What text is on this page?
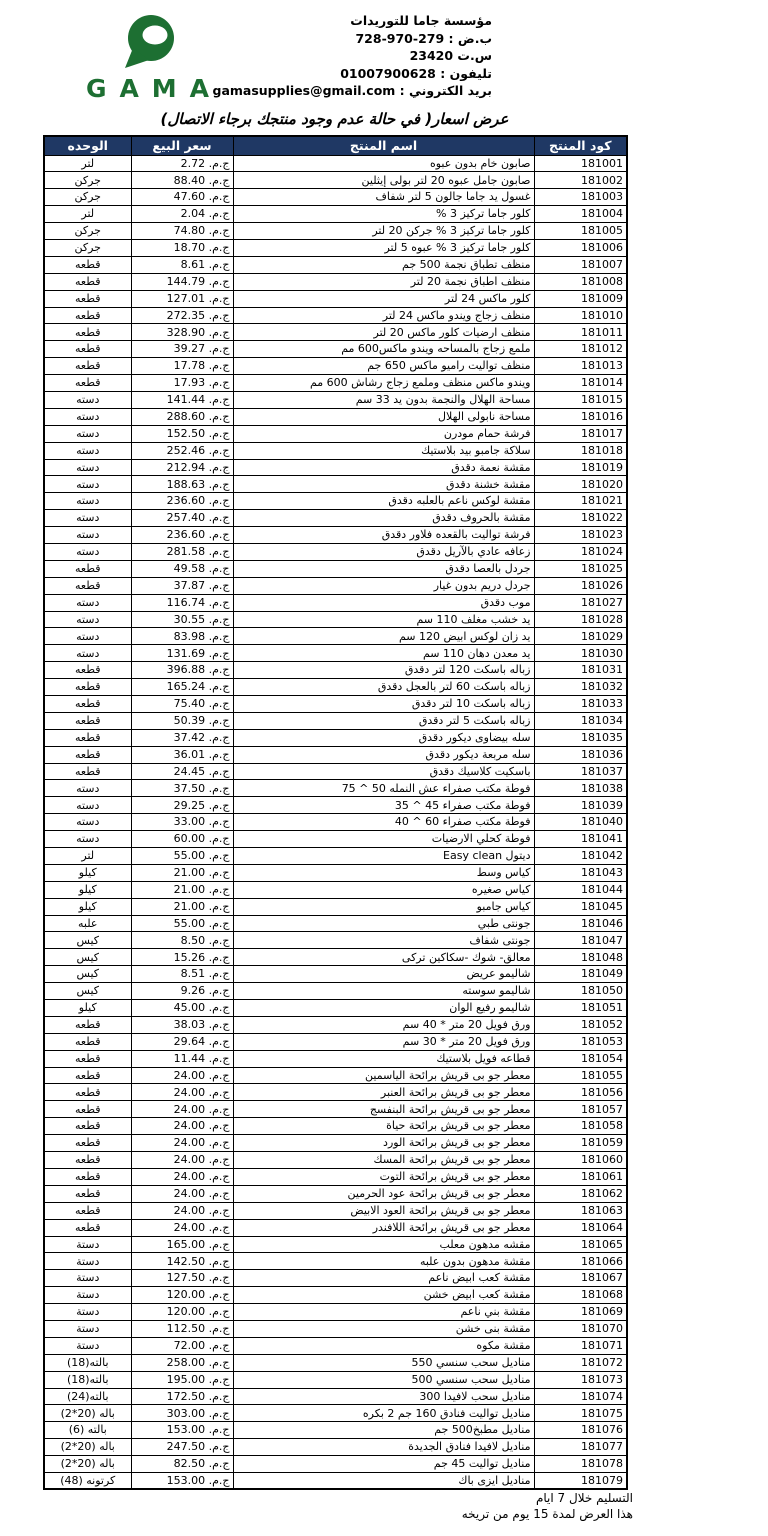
GAMA
مؤسسة جاما للتوريدات
ب.ض : 279-970-728
س.ت 23420
تليفون : 01007900628
بريد الكتروني : gamasupplies@gmail.com
عرض اسعار( في حالة عدم وجود منتجك برجاء الاتصال)
كود المنتج	اسم المنتج	سعر البيع	الوحده
181001	صابون خام بدون عبوه	ج.م. 2.72	لتر
181002	صابون جامل عبوه 20 لتر بولى إيثلين	ج.م. 88.40	جركن
181003	غسول يد جاما جالون 5 لتر شفاف	ج.م. 47.60	جركن
181004	كلور جاما تركيز 3 %	ج.م. 2.04	لتر
181005	كلور جاما تركيز 3 % جركن 20 لتر	ج.م. 74.80	جركن
181006	كلور جاما تركيز 3 % عبوه 5 لتر	ج.م. 18.70	جركن
181007	منظف تطباق نجمة 500 جم	ج.م. 8.61	قطعه
181008	منظف اطباق نجمة 20 لتر	ج.م. 144.79	قطعه
181009	كلور ماكس 24 لتر	ج.م. 127.01	قطعه
181010	منظف زجاج ويندو ماكس 24 لتر	ج.م. 272.35	قطعه
181011	منظف ارضيات كلور ماكس 20 لتر	ج.م. 328.90	قطعه
181012	ملمع زجاج بالمساحه ويندو ماكس600 مم	ج.م. 39.27	قطعه
181013	منظف تواليت راميو ماكس 650 جم	ج.م. 17.78	قطعه
181014	ويندو ماكس منظف وملمع زجاج رشاش 600 مم	ج.م. 17.93	قطعه
181015	مساحة الهلال والنجمة بدون يد 33 سم	ج.م. 141.44	دسته
181016	مساحة نابولى الهلال	ج.م. 288.60	دسته
181017	فرشة حمام مودرن	ج.م. 152.50	دسته
181018	سلاكة جامبو بيد بلاستيك	ج.م. 252.46	دسته
181019	مقشة نعمة دقدق	ج.م. 212.94	دسته
181020	مقشة خشنة دقدق	ج.م. 188.63	دسته
181021	مقشة لوكس ناعم بالعلبه دقدق	ج.م. 236.60	دسته
181022	مقشة بالحروف دقدق	ج.م. 257.40	دسته
181023	فرشة تواليت بالقعده فلاور دقدق	ج.م. 236.60	دسته
181024	زعافه عادي بالآريل دقدق	ج.م. 281.58	دسته
181025	جردل بالعصا دقدق	ج.م. 49.58	قطعه
181026	جردل دريم بدون غيار	ج.م. 37.87	قطعه
181027	موب دقدق	ج.م. 116.74	دسته
181028	يد خشب مغلف 110 سم	ج.م. 30.55	دسته
181029	يد زان لوكس ابيض 120 سم	ج.م. 83.98	دسته
181030	يد معدن دهان 110 سم	ج.م. 131.69	دسته
181031	زباله باسكت 120 لتر دقدق	ج.م. 396.88	قطعه
181032	زباله باسكت 60 لتر بالعجل دقدق	ج.م. 165.24	قطعه
181033	زباله باسكت 10 لتر دقدق	ج.م. 75.40	قطعه
181034	زباله باسكت 5 لتر دقدق	ج.م. 50.39	قطعه
181035	سله بيضاوى ديكور دقدق	ج.م. 37.42	قطعه
181036	سله مربعة ديكور دقدق	ج.م. 36.01	قطعه
181037	باسكيت كلاسيك دقدق	ج.م. 24.45	قطعه
181038	فوطة مكتب صفراء عش النمله 50 ^ 75	ج.م. 37.50	دسته
181039	فوطة مكتب صفراء 45 ^ 35	ج.م. 29.25	دسته
181040	فوطة مكتب صفراء 60 ^ 40	ج.م. 33.00	دسته
181041	فوطة كحلي الارضيات	ج.م. 60.00	دسته
181042	ديتول Easy clean	ج.م. 55.00	لتر
181043	كياس وسط	ج.م. 21.00	كيلو
181044	كياس صغيره	ج.م. 21.00	كيلو
181045	كياس جامبو	ج.م. 21.00	كيلو
181046	جونتى طبي	ج.م. 55.00	علبه
181047	جونتى شفاف	ج.م. 8.50	كيس
181048	معالق- شوك -سكاكين تركى	ج.م. 15.26	كيس
181049	شاليمو عريض	ج.م. 8.51	كيس
181050	شاليمو سوسته	ج.م. 9.26	كيس
181051	شاليمو رفيع الوان	ج.م. 45.00	كيلو
181052	ورق فويل 20 متر * 40 سم	ج.م. 38.03	قطعه
181053	ورق فويل 20 متر * 30 سم	ج.م. 29.64	قطعه
181054	قطاعه فويل بلاستيك	ج.م. 11.44	قطعه
181055	معطر جو بى قريش برائحة الياسمين	ج.م. 24.00	قطعه
181056	معطر جو بى قريش برائحة العنبر	ج.م. 24.00	قطعه
181057	معطر جو بى قريش برائحة البنفسج	ج.م. 24.00	قطعه
181058	معطر جو بى قريش برائحة حياة	ج.م. 24.00	قطعه
181059	معطر جو بى قريش برائحة الورد	ج.م. 24.00	قطعه
181060	معطر جو بى قريش برائحة المسك	ج.م. 24.00	قطعه
181061	معطر جو بى قريش برائحة التوت	ج.م. 24.00	قطعه
181062	معطر جو بى قريش برائحة عود الحرمين	ج.م. 24.00	قطعه
181063	معطر جو بى قريش برائحة العود الابيض	ج.م. 24.00	قطعه
181064	معطر جو بى قريش برائحة اللافندر	ج.م. 24.00	قطعه
181065	مقشه مدهون معلب	ج.م. 165.00	دستة
181066	مقشة مدهون بدون علبه	ج.م. 142.50	دستة
181067	مقشة كعب ابيض ناعم	ج.م. 127.50	دستة
181068	مقشة كعب ابيض خشن	ج.م. 120.00	دستة
181069	مقشة بني ناعم	ج.م. 120.00	دستة
181070	مقشة بنى خشن	ج.م. 112.50	دستة
181071	مقشة مكوه	ج.م. 72.00	دستة
181072	مناديل سحب سنسي 550	ج.م. 258.00	بالته(18)
181073	مناديل سحب سنسي 500	ج.م. 195.00	بالته(18)
181074	مناديل سحب لافيدا 300	ج.م. 172.50	بالته(24)
181075	مناديل تواليت فنادق 160 جم 2 بكره	ج.م. 303.00	باله (20*2)
181076	مناديل مطبخ500 جم	ج.م. 153.00	بالته (6)
181077	مناديل لافيدا فنادق الجديدة	ج.م. 247.50	باله (20*2)
181078	مناديل تواليت 45 جم	ج.م. 82.50	باله (20*2)
181079	مناديل ايزى باك	ج.م. 153.00	كرتونه (48)
التسليم خلال 7 ايام
هذا العرض لمدة 15 يوم من تريخه
